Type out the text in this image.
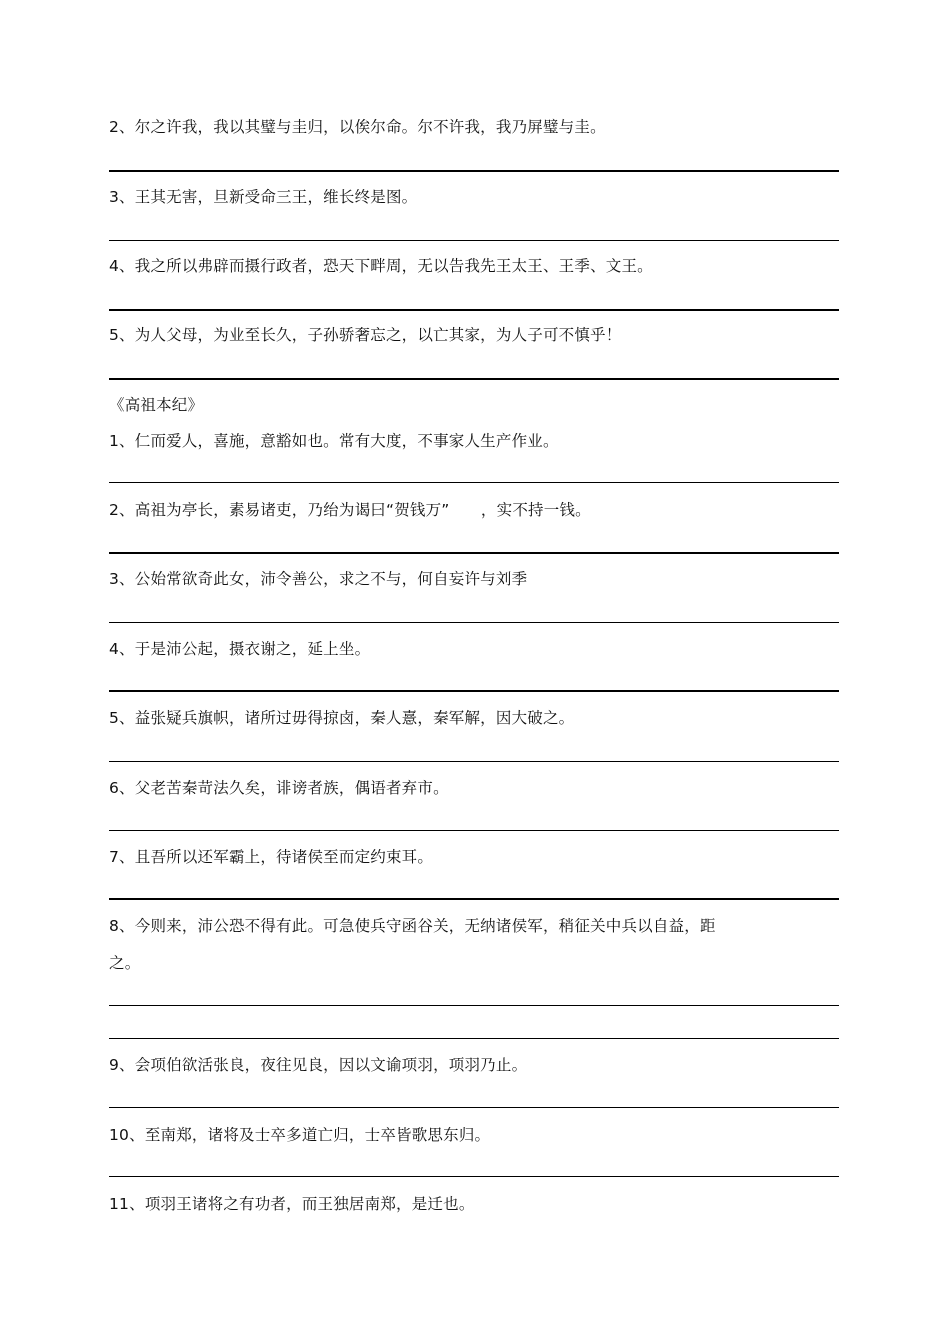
2、尔之许我，我以其璧与圭归，以俟尔命。尔不许我，我乃屏璧与圭。
3、王其无害，旦新受命三王，维长终是图。
4、我之所以弗辟而摄行政者，恐天下畔周，无以告我先王太王、王季、文王。
5、为人父母，为业至长久，子孙骄奢忘之，以亡其家，为人子可不慎乎！
《高祖本纪》
1、仁而爱人，喜施，意豁如也。常有大度，不事家人生产作业。
2、高祖为亭长，素易诸吏，乃绐为谒曰“贺钱万”　　，实不持一钱。
3、公始常欲奇此女，沛令善公，求之不与，何自妄许与刘季
4、于是沛公起，摄衣谢之，延上坐。
5、益张疑兵旗帜，诸所过毋得掠卤，秦人憙，秦军解，因大破之。
6、父老苦秦苛法久矣，诽谤者族，偶语者弃市。
7、且吾所以还军霸上，待诸侯至而定约束耳。
8、今则来，沛公恐不得有此。可急使兵守函谷关，无纳诸侯军，稍征关中兵以自益，距
之。
9、会项伯欲活张良，夜往见良，因以文谕项羽，项羽乃止。
10、至南郑，诸将及士卒多道亡归，士卒皆歌思东归。
11、项羽王诸将之有功者，而王独居南郑，是迁也。
